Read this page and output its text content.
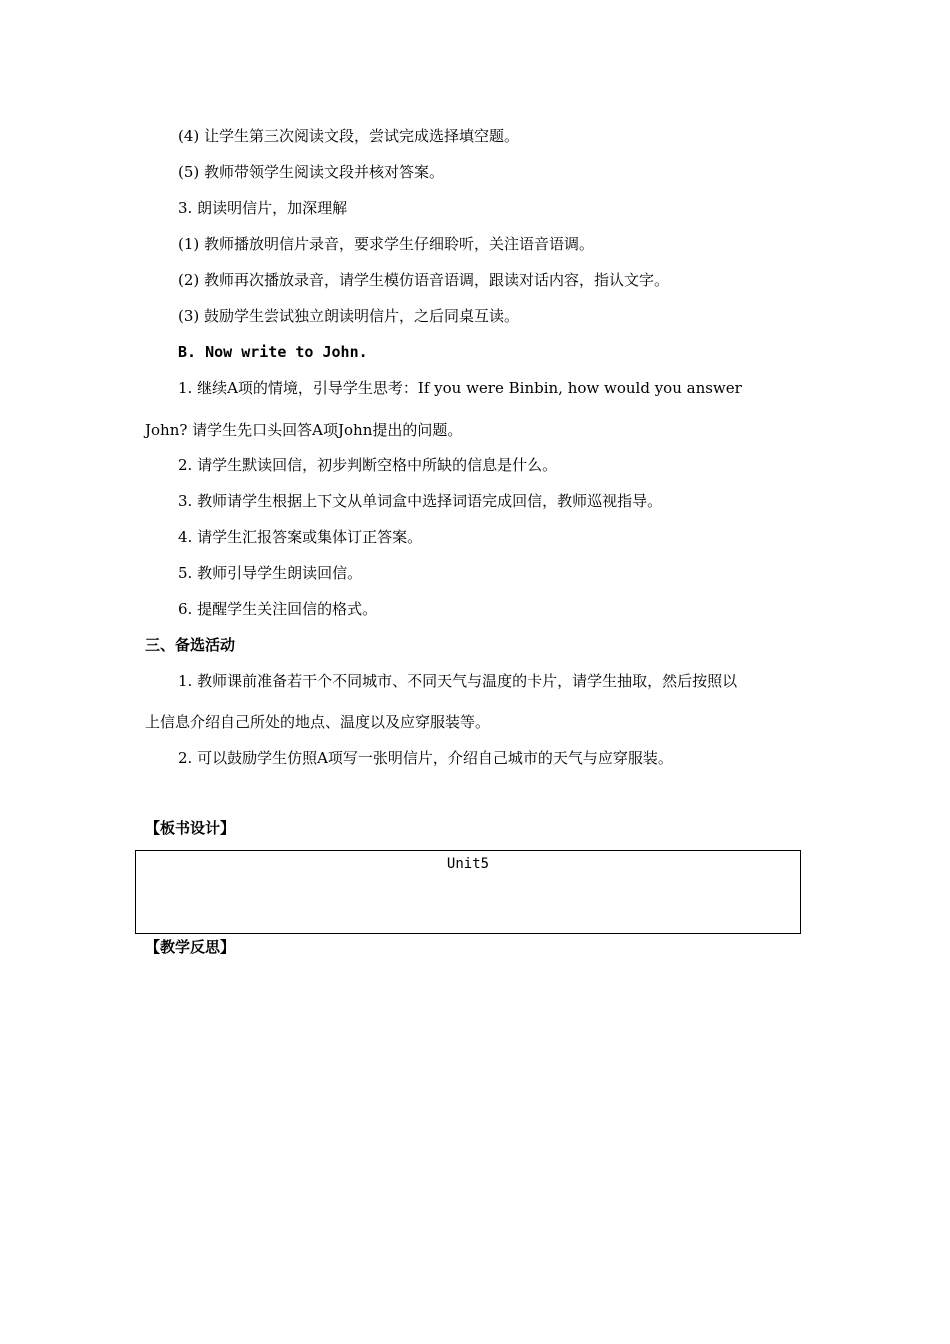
(4) 让学生第三次阅读文段，尝试完成选择填空题。
(5) 教师带领学生阅读文段并核对答案。
3. 朗读明信片，加深理解
(1) 教师播放明信片录音，要求学生仔细聆听，关注语音语调。
(2) 教师再次播放录音，请学生模仿语音语调，跟读对话内容，指认文字。
(3) 鼓励学生尝试独立朗读明信片，之后同桌互读。
B. Now write to John.
1. 继续A项的情境，引导学生思考：If you were Binbin, how would you answer
John? 请学生先口头回答A项John提出的问题。
2. 请学生默读回信，初步判断空格中所缺的信息是什么。
3. 教师请学生根据上下文从单词盒中选择词语完成回信，教师巡视指导。
4. 请学生汇报答案或集体订正答案。
5. 教师引导学生朗读回信。
6. 提醒学生关注回信的格式。
三、备选活动
1. 教师课前准备若干个不同城市、不同天气与温度的卡片，请学生抽取，然后按照以
上信息介绍自己所处的地点、温度以及应穿服装等。
2. 可以鼓励学生仿照A项写一张明信片，介绍自己城市的天气与应穿服装。
【板书设计】
Unit5
【教学反思】
